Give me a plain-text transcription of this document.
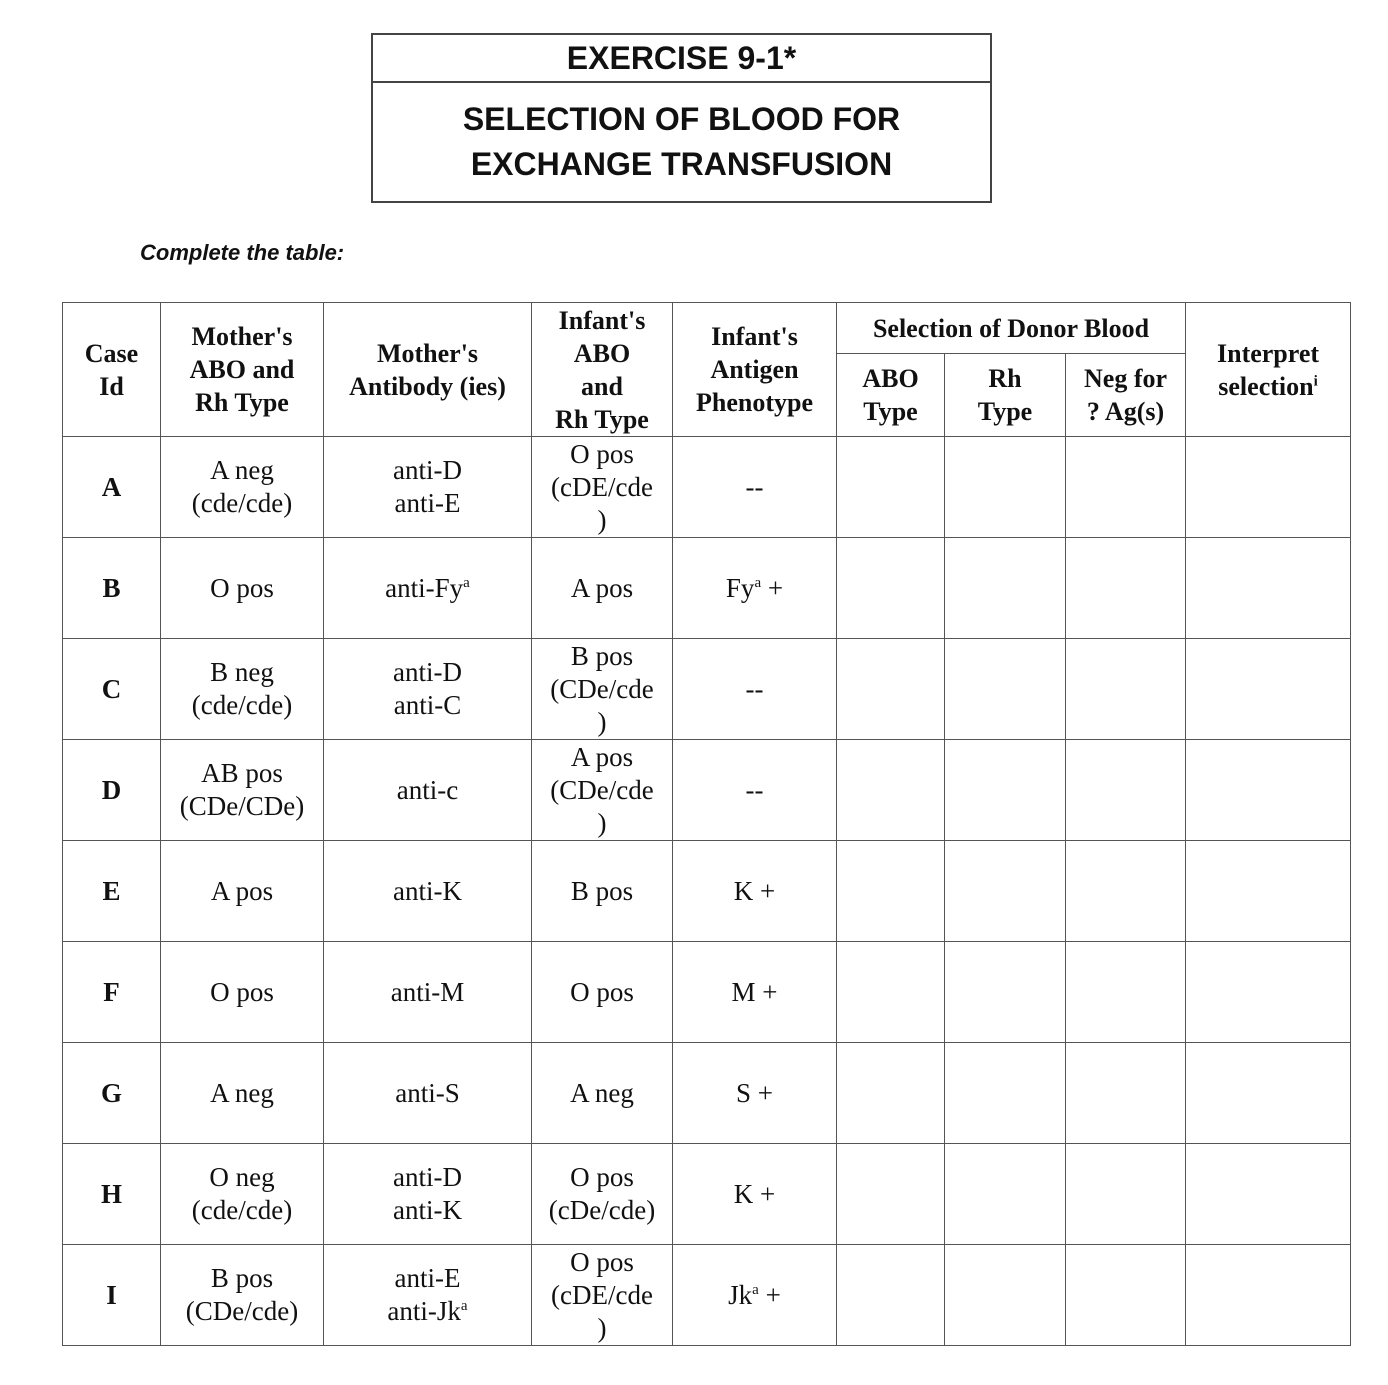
EXERCISE 9-1*
SELECTION OF BLOOD FOR
EXCHANGE TRANSFUSION
Complete the table:
Case
Id	Mother's
ABO and
Rh Type	Mother's
Antibody (ies)	Infant's
ABO
and
Rh Type	Infant's
Antigen
Phenotype	Selection of Donor Blood			Interpret
selection$^i$

					ABO
Type	Rh
Type	Neg for
? Ag(s)	

A	A neg
(cde/cde)	anti-D
anti-E	O pos
(cDE/cde
)	--				

B	O pos	anti-Fy$^a$	A pos	$Fy^a$ +				

C	B neg
(cde/cde)	anti-D
anti-C	B pos
(CDe/cde
)	--				

D	AB pos
(CDe/CDe)	anti-c	A pos
(CDe/cde
)	--				

E	A pos	anti-K	B pos	K +				

F	O pos	anti-M	O pos	M +				

G	A neg	anti-S	A neg	S +				

H	O neg
(cde/cde)	anti-D
anti-K	O pos
(cDe/cde)	K +				

I	B pos
(CDe/cde)	anti-E
anti-Jk$^a$	O pos
(cDE/cde
)	$Jk^a$ +				
